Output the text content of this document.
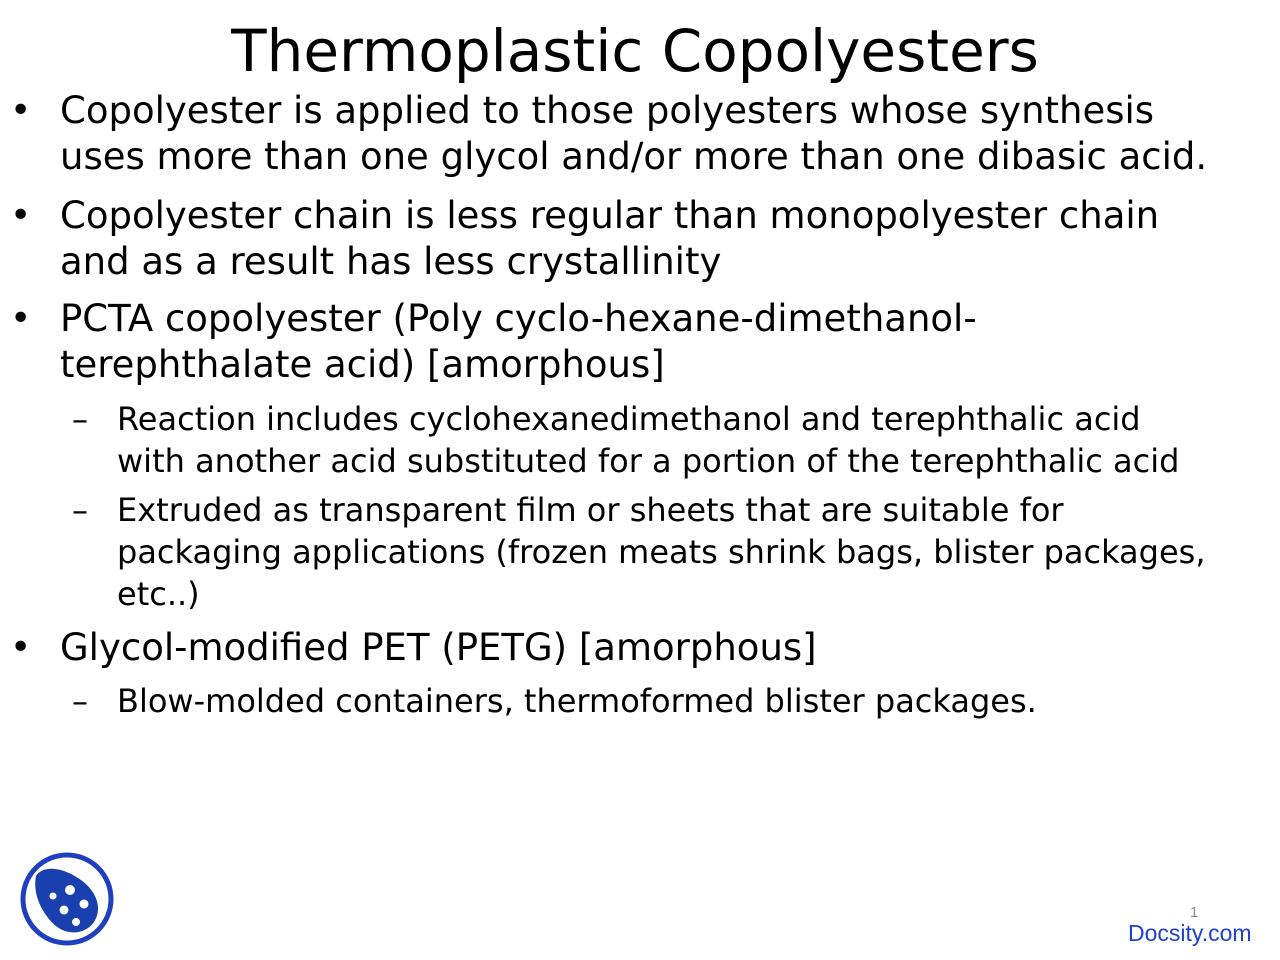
Thermoplastic Copolyesters
• Copolyester is applied to those polyesters whose synthesis
uses more than one glycol and/or more than one dibasic acid.
• Copolyester chain is less regular than monopolyester chain
and as a result has less crystallinity
• PCTA copolyester (Poly cyclo-hexane-dimethanol-
terephthalate acid) [amorphous]
– Reaction includes cyclohexanedimethanol and terephthalic acid
with another acid substituted for a portion of the terephthalic acid
– Extruded as transparent film or sheets that are suitable for
packaging applications (frozen meats shrink bags, blister packages,
etc..)
• Glycol-modified PET (PETG) [amorphous]
– Blow-molded containers, thermoformed blister packages.
1
Docsity.com
